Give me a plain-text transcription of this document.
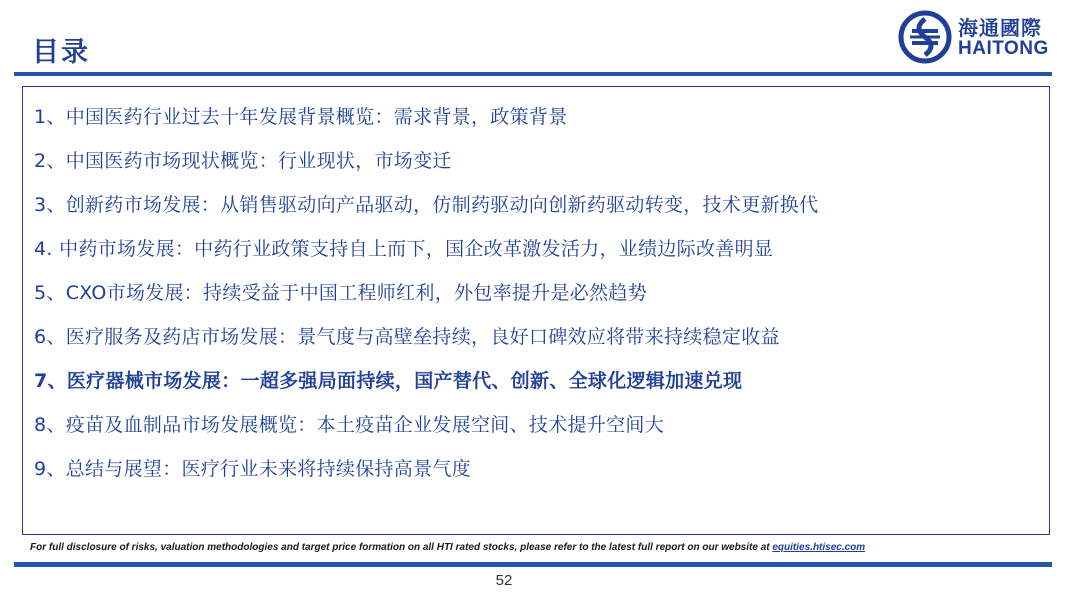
目录
海通國際
HAITONG
1、中国医药行业过去十年发展背景概览：需求背景，政策背景
2、中国医药市场现状概览：行业现状，市场变迁
3、创新药市场发展：从销售驱动向产品驱动，仿制药驱动向创新药驱动转变，技术更新换代
4. 中药市场发展：中药行业政策支持自上而下，国企改革激发活力，业绩边际改善明显
5、CXO市场发展：持续受益于中国工程师红利，外包率提升是必然趋势
6、医疗服务及药店市场发展：景气度与高壁垒持续，良好口碑效应将带来持续稳定收益
7、医疗器械市场发展：一超多强局面持续，国产替代、创新、全球化逻辑加速兑现
8、疫苗及血制品市场发展概览：本土疫苗企业发展空间、技术提升空间大
9、总结与展望：医疗行业未来将持续保持高景气度
For full disclosure of risks, valuation methodologies and target price formation on all HTI rated stocks, please refer to the latest full report on our website at equities.htisec.com
52
